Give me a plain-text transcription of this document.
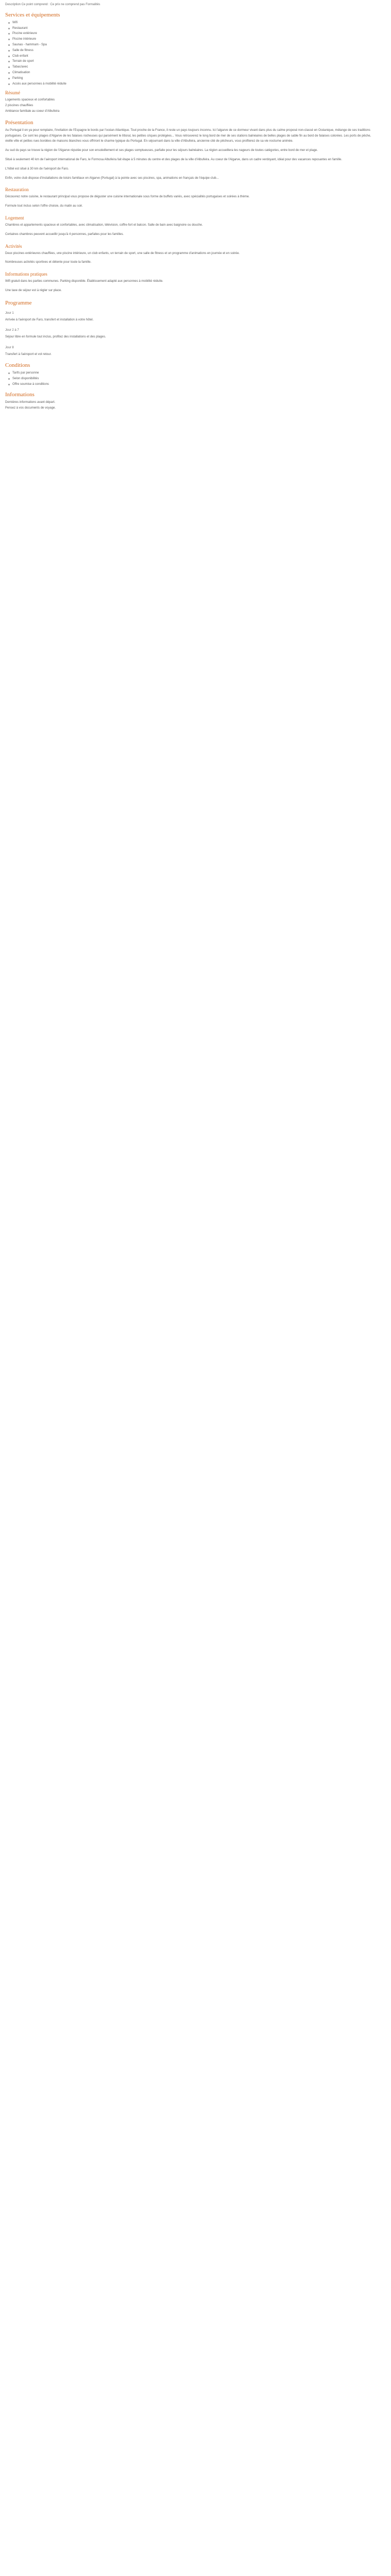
Description Ce point comprend : Ce prix ne comprend pas Formalités
Services et équipements
Wifi
Restaurant
Piscine extérieure
Piscine intérieure
Saunas - hammam - Spa
Salle de fitness
Club enfant
Terrain de sport
Tabac/avec
Climatisation
Parking
Accès aux personnes à mobilité réduite
Résumé

Logements spacieux et confortables

2 piscines chauffées

Ambiance familiale au coeur d'Albufeira

Présentation

Au Portugal il en ya pour remplaire, l'invitation de l'Espagne le bords par l'océan Atlantique. Tout proche de la France, il reste un pays toujours inconnu. Ici l'algarve de ce dormeur vivant dans plus du calme proposé non-classé en Océanique, mélange de ses traditions portugaises. Ce sont les plages d'Algarve de les falaises rocheuses qui parsèment le littoral, les petites criques protégées... Vous retrouverez le long bord de mer de ses stations balnéaires de belles plages de sable fin au bord de falaises colorées. Les ports de pêche, vieille ville et petites rues bordées de maisons blanches vous offriront le charme typique du Portugal. En séjournant dans la ville d'Albufeira, ancienne cité de pêcheurs, vous profiterez de sa vie nocturne animée.

Au sud du pays se trouve la région de l'Algarve réputée pour son ensoleillement et ses plages somptueuses, parfaite pour les séjours balnéaires. La région accueillera les nageurs de toutes catégories, entre bord de mer et plage.

Situé à seulement 40 km de l'aéroport international de Faro, le Formosa Albufeira fait étape à 5 minutes du centre et des plages de la ville d'Albufeira. Au coeur de l'Algarve, dans un cadre verdoyant, idéal pour des vacances reposantes en famille.

L'hôtel est situé à 30 km de l'aéroport de Faro.

Enfin, votre club dispose d'installations de loisirs familiaux en Algarve (Portugal) à la pointe avec ses piscines, spa, animations en français de l'équipe club...

Restauration

Découvrez notre cuisine, le restaurant principal vous propose de déguster une cuisine internationale sous forme de buffets variés, avec spécialités portugaises et soirées à thème.

Formule tout inclus selon l'offre choisie, du matin au soir.

Logement

Chambres et appartements spacieux et confortables, avec climatisation, télévision, coffre-fort et balcon. Salle de bain avec baignoire ou douche.

Certaines chambres peuvent accueillir jusqu'à 4 personnes, parfaites pour les familles.

Activités

Deux piscines extérieures chauffées, une piscine intérieure, un club enfants, un terrain de sport, une salle de fitness et un programme d'animations en journée et en soirée.

Nombreuses activités sportives et détente pour toute la famille.

Informations pratiques

Wifi gratuit dans les parties communes. Parking disponible. Établissement adapté aux personnes à mobilité réduite.

Une taxe de séjour est à régler sur place.

Programme
Jour 1

Arrivée à l'aéroport de Faro, transfert et installation à votre hôtel.

Jour 2 à 7

Séjour libre en formule tout inclus, profitez des installations et des plages.

Jour 8

Transfert à l'aéroport et vol retour.

Conditions
Tarifs par personne
Selon disponibilités
Offre soumise à conditions
Informations

Dernières informations avant départ.

Pensez à vos documents de voyage.
